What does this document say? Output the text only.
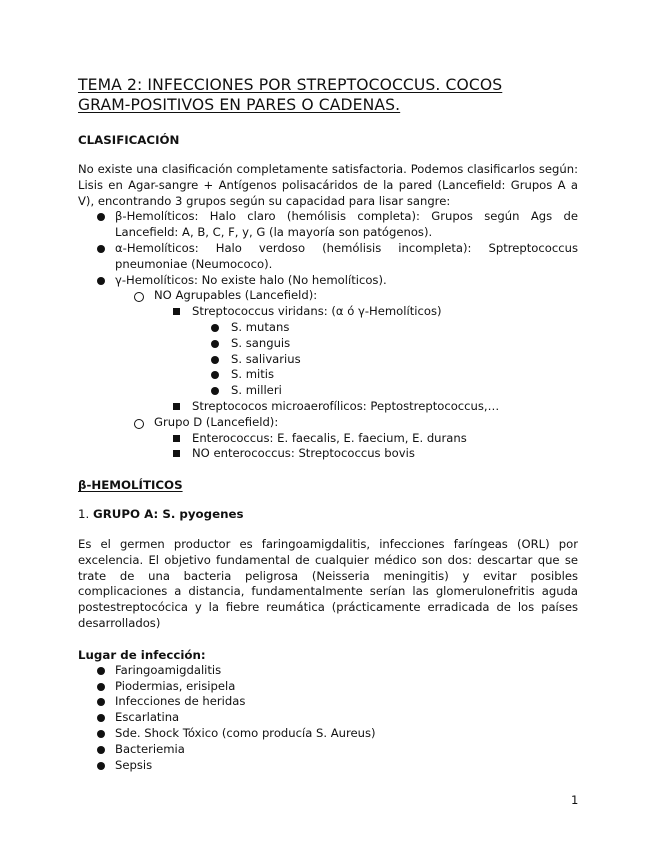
TEMA 2: INFECCIONES POR STREPTOCOCCUS. COCOS
GRAM-POSITIVOS EN PARES O CADENAS.

CLASIFICACIÓN

No existe una clasificación completamente satisfactoria. Podemos clasificarlos según: Lisis en Agar-sangre + Antígenos polisacáridos de la pared (Lancefield: Grupos A a V), encontrando 3 grupos según su capacidad para lisar sangre:

β-Hemolíticos: Halo claro (hemólisis completa): Grupos según Ags de Lancefield: A, B, C, F, y, G (la mayoría son patógenos).
α-Hemolíticos: Halo verdoso (hemólisis incompleta): Sptreptococcus pneumoniae (Neumococo).
γ-Hemolíticos: No existe halo (No hemolíticos).
NO Agrupables (Lancefield):
Streptococcus viridans: (α ó γ-Hemolíticos)
S. mutans
S. sanguis
S. salivarius
S. mitis
S. milleri
Streptococos microaerofílicos: Peptostreptococcus,…
Grupo D (Lancefield):
Enterococcus: E. faecalis, E. faecium, E. durans
NO enterococcus: Streptococcus bovis

β-HEMOLÍTICOS

1. GRUPO A: S. pyogenes

Es el germen productor es faringoamigdalitis, infecciones faríngeas (ORL) por excelencia. El objetivo fundamental de cualquier médico son dos: descartar que se trate de una bacteria peligrosa (Neisseria meningitis) y evitar posibles complicaciones a distancia, fundamentalmente serían las glomerulonefritis aguda postestreptocócica y la fiebre reumática (prácticamente erradicada de los países desarrollados)

Lugar de infección:

Faringoamigdalitis
Piodermias, erisipela
Infecciones de heridas
Escarlatina
Sde. Shock Tóxico (como producía S. Aureus)
Bacteriemia
Sepsis
1
